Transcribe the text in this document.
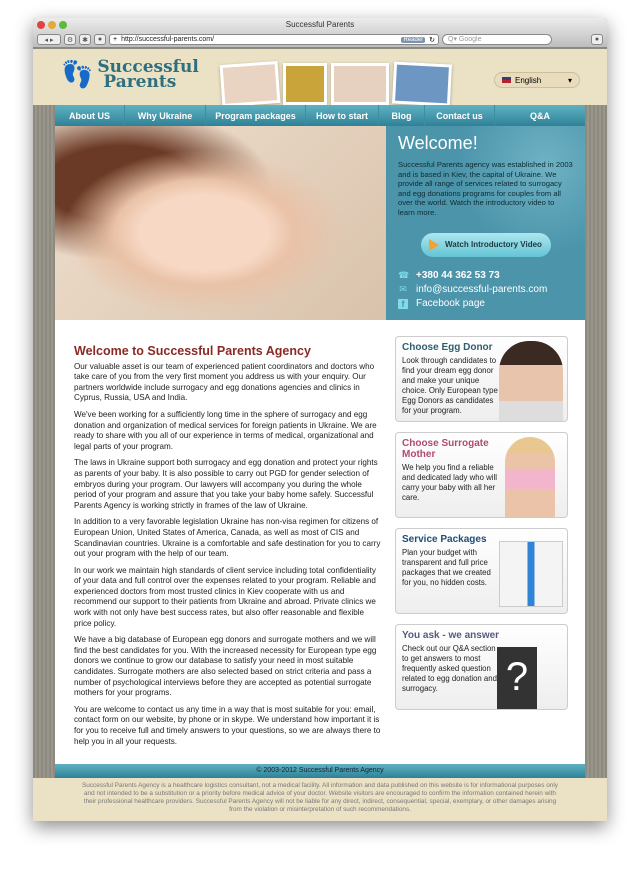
Successful Parents
◂ ▸	⚙	✱	●	+ http://successful-parents.com/	Reader ↻	Q▾ Google	●
👣 Successful
Parents	English	▾
About US	Why Ukraine	Program packages	How to start	Blog	Contact us	Q&A
Welcome!

Successful Parents agency was established in 2003 and is based in Kiev, the capital of Ukraine. We provide all range of services related to surrogacy and egg donations programs for couples from all over the world. Watch the introductory video to learn more.

Watch Introductory Video
☎ +380 44 362 53 73
✉ info@successful-parents.com
f	Facebook page
Welcome to Successful Parents Agency

Our valuable asset is our team of experienced patient coordinators and doctors who take care of you from the very first moment you address us with your enquiry. Our partners worldwide include surrogacy and egg donations agencies and clinics in Cyprus, Russia, USA and India.

We've been working for a sufficiently long time in the sphere of surrogacy and egg donation and organization of medical services for foreign patients in Ukraine. We are ready to share with you all of our experience in terms of medical, organizational and legal parts of your program.

The laws in Ukraine support both surrogacy and egg donation and protect your rights as parents of your baby. It is also possible to carry out PGD for gender selection of embryos during your program. Our lawyers will accompany you during the whole period of your program and assure that you take your baby home safely. Successful Parents Agency is working strictly in frames of the law of Ukraine.

In addition to a very favorable legislation Ukraine has non-visa regimen for citizens of European Union, United States of America, Canada, as well as most of CIS and Scandinavian countries. Ukraine is a comfortable and safe destination for you to carry out your program with the help of our team.

In our work we maintain high standards of client service including total confidentiality of your data and full control over the expenses related to your program. Reliable and experienced doctors from most trusted clinics in Kiev cooperate with us and recommend our support to their patients from Ukraine and abroad. Private clinics we work with not only have best success rates, but also offer reasonable and flexible price policy.

We have a big database of European egg donors and surrogate mothers and we will find the best candidates for you. With the increased necessity for European type egg donors we continue to grow our database to satisfy your need in most suitable candidates. Surrogate mothers are also selected based on strict criteria and pass a number of psychological interviews before they are accepted as potential surrogate mothers for your programs.

You are welcome to contact us any time in a way that is most suitable for you: email, contact form on our website, by phone or in skype. We understand how important it is for you to receive full and timely answers to your questions, so we are always there to help you in all your requests.

Choose Egg Donor

Look through candidates to find your dream egg donor and make your unique choice. Only European type Egg Donors as candidates for your program.

Choose Surrogate Mother

We help you find a reliable and dedicated lady who will carry your baby with all her care.

Service Packages

Plan your budget with transparent and full price packages that we created for you, no hidden costs.

You ask - we answer

Check out our Q&A section to get answers to most frequently asked question related to egg donation and surrogacy.	?
© 2003-2012 Successful Parents Agency
Successful Parents Agency is a healthcare logistics consultant, not a medical facility. All information and data published on this website is for informational purposes only and not intended to be a substitution or a priority before medical advice of your doctor. Website visitors are encouraged to confirm the information contained herein with their professional healthcare providers. Successful Parents Agency will not be liable for any direct, indirect, consequential, special, exemplary, or other damages arising from the violation or misinterpretation of such recommendations.
